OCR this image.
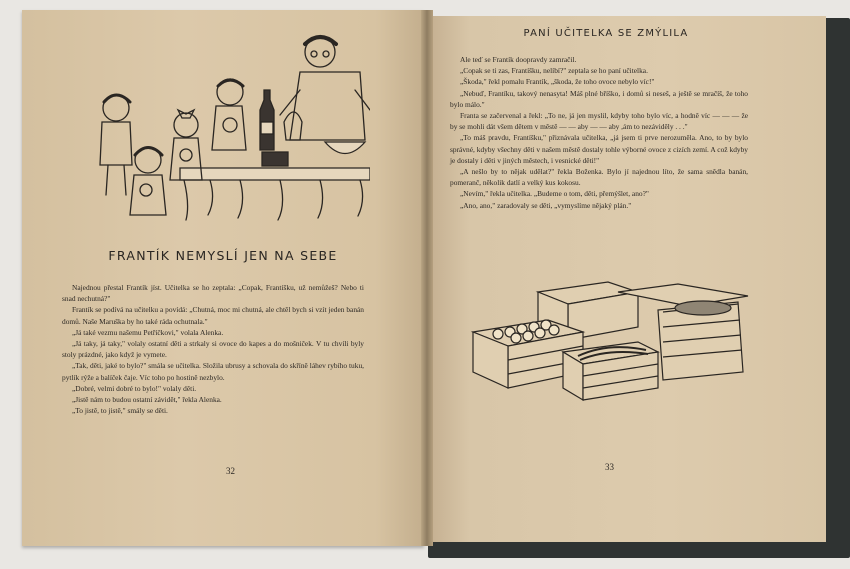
FRANTÍK NEMYSLÍ JEN NA SEBE
PANÍ UČITELKA SE ZMÝLILA

Najednou přestal Frantík jíst. Učitelka se ho zeptala: „Copak, Frantíšku, už nemůžeš? Nebo ti snad nechutná?"

Frantík se podívá na učitelku a povídá: „Chutná, moc mi chutná, ale chtěl bych si vzít jeden banán domů. Naše Maruška by ho také ráda ochutnala."

„Já také vezmu našemu Petříčkovi," volala Alenka.

„Já taky, já taky," volaly ostatní děti a strkaly si ovoce do kapes a do mošniček. V tu chvíli byly stoly prázdné, jako když je vymete.

„Tak, děti, jaké to bylo?" smála se učitelka. Složila ubrusy a schovala do skříně láhev rybího tuku, pytlík rýže a balíček čaje. Víc toho po hostině nezbylo.

„Dobré, velmi dobré to bylo!" volaly děti.

„Jistě nám to budou ostatní závidět," řekla Alenka.

„To jistě, to jistě," smály se děti.

Ale teď se Frantík doopravdy zamračil.

„Copak se ti zas, Frantíšku, nelíbí?" zeptala se ho paní učitelka.

„Škoda," řekl pomalu Frantík, „škoda, že toho ovoce nebylo víc!"

„Nebuď, Frantíku, takový nenasyta! Máš plné bříško, i domů si neseš, a ještě se mračíš, že toho bylo málo."

Franta se začervenal a řekl: „To ne, já jen myslil, kdyby toho bylo víc, a hodně víc — — — že by se mohli dát všem dětem v městě — — aby — — aby ,ám to nezáviděly . . ."

„To máš pravdu, Frantíšku," přiznávala učitelka, „já jsem ti prve nerozuměla. Ano, to by bylo správné, kdyby všechny děti v našem městě dostaly tohle výborné ovoce z cizích zemí. A což kdyby je dostaly i děti v jiných městech, i vesnické děti!"

„A nešlo by to nějak udělat?" řekla Boženka. Bylo jí najednou líto, že sama snědla banán, pomeranč, několik datlí a velký kus kokosu.

„Nevím," řekla učitelka. „Budeme o tom, děti, přemýšlet, ano?"

„Ano, ano," zaradovaly se děti, „vymyslíme nějaký plán."

32	33
